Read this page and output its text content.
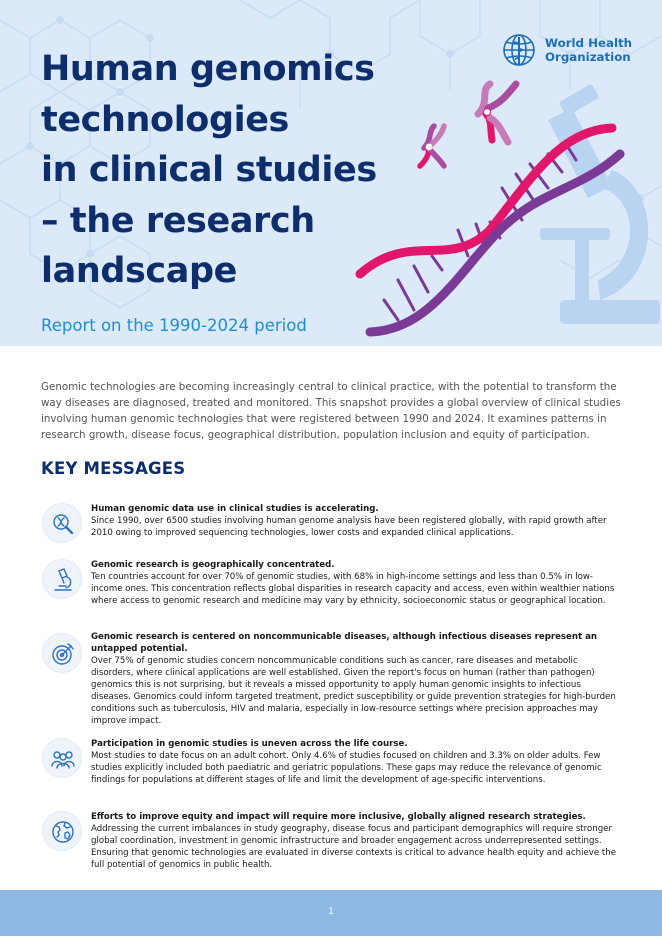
Human genomics
technologies
in clinical studies
– the research
landscape
Report on the 1990-2024 period
World Health
Organization

Genomic technologies are becoming increasingly central to clinical practice, with the potential to transform the way diseases are diagnosed, treated and monitored. This snapshot provides a global overview of clinical studies involving human genomic technologies that were registered between 1990 and 2024. It examines patterns in research growth, disease focus, geographical distribution, population inclusion and equity of participation.

KEY MESSAGES
Human genomic data use in clinical studies is accelerating.
Since 1990, over 6500 studies involving human genome analysis have been registered globally, with rapid growth after 2010 owing to improved sequencing technologies, lower costs and expanded clinical applications.
Genomic research is geographically concentrated.
Ten countries account for over 70% of genomic studies, with 68% in high-income settings and less than 0.5% in low-income ones. This concentration reflects global disparities in research capacity and access, even within wealthier nations where access to genomic research and medicine may vary by ethnicity, socioeconomic status or geographical location.
Genomic research is centered on noncommunicable diseases, although infectious diseases represent an untapped potential.
Over 75% of genomic studies concern noncommunicable conditions such as cancer, rare diseases and metabolic disorders, where clinical applications are well established. Given the report's focus on human (rather than pathogen) genomics this is not surprising, but it reveals a missed opportunity to apply human genomic insights to infectious diseases. Genomics could inform targeted treatment, predict susceptibility or guide prevention strategies for high-burden conditions such as tuberculosis, HIV and malaria, especially in low-resource settings where precision approaches may improve impact.
Participation in genomic studies is uneven across the life course.
Most studies to date focus on an adult cohort. Only 4.6% of studies focused on children and 3.3% on older adults. Few studies explicitly included both paediatric and geriatric populations. These gaps may reduce the relevance of genomic findings for populations at different stages of life and limit the development of age-specific interventions.
Efforts to improve equity and impact will require more inclusive, globally aligned research strategies.
Addressing the current imbalances in study geography, disease focus and participant demographics will require stronger global coordination, investment in genomic infrastructure and broader engagement across underrepresented settings. Ensuring that genomic technologies are evaluated in diverse contexts is critical to advance health equity and achieve the full potential of genomics in public health.
1
